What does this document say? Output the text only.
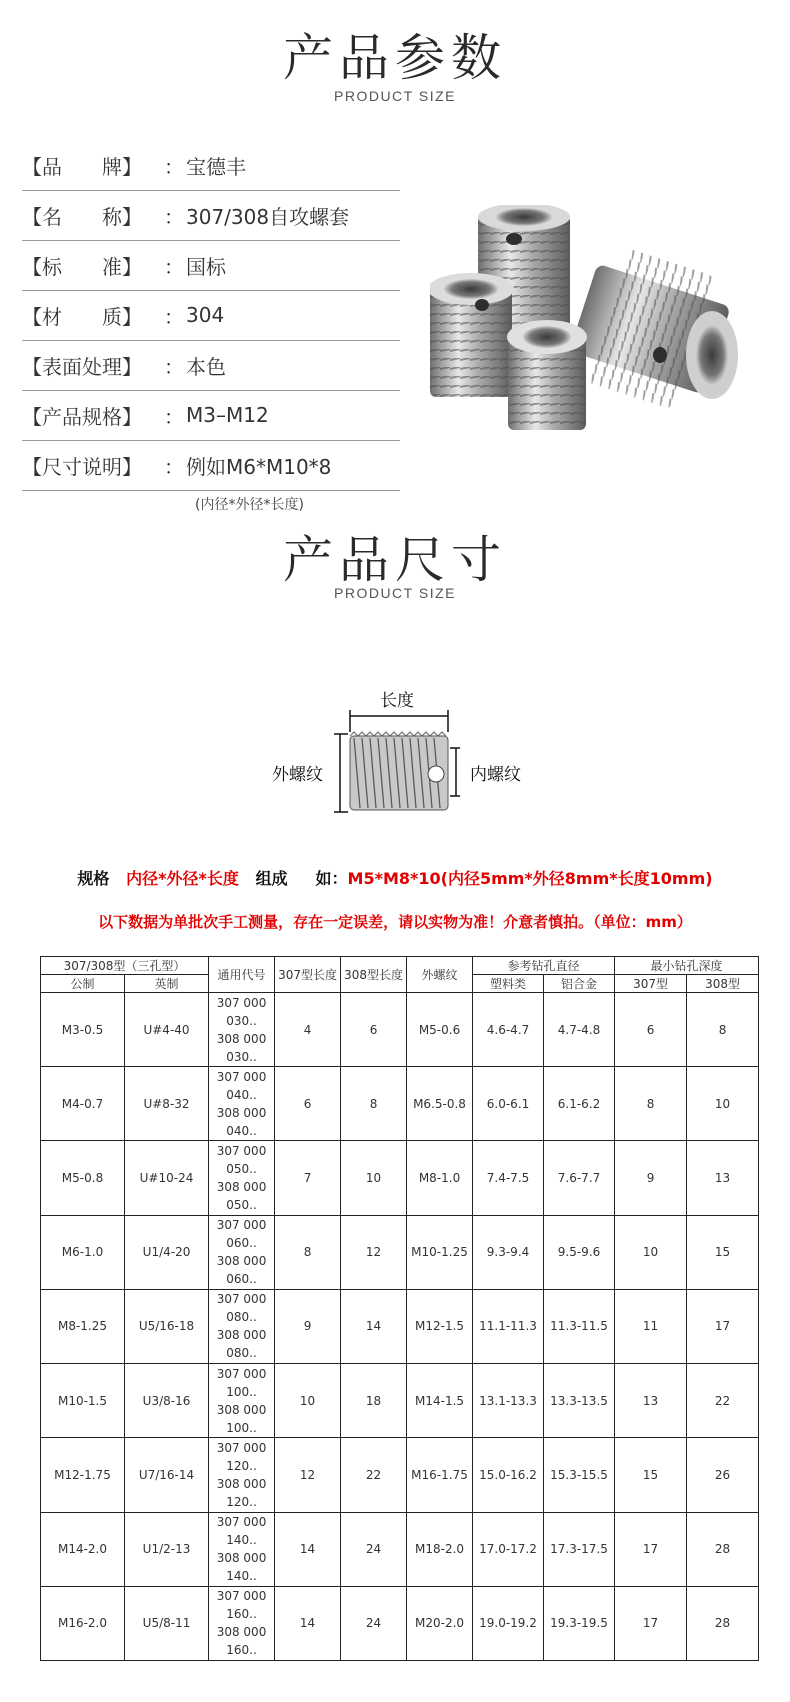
产品参数
PRODUCT SIZE
【品　　牌】	： 宝德丰
【名　　称】	： 307/308自攻螺套
【标　　准】	： 国标
【材　　质】	： 304
【表面处理】	： 本色
【产品规格】	： M3–M12
【尺寸说明】	： 例如M6*M10*8
(内径*外径*长度)
产品尺寸
PRODUCT SIZE
长度
外螺纹	内螺纹
规格 内径*外径*长度 组成 如：M5*M8*10(内径5mm*外径8mm*长度10mm)
以下数据为单批次手工测量，存在一定误差，请以实物为准！介意者慎拍。（单位：mm）
307/308型（三孔型）		通用代号	307型长度	308型长度	外螺纹	参考钻孔直径		最小钻孔深度	
公制	英制					塑料类	铝合金	307型	308型
M3-0.5	U#4-40	307 000
030..
308 000
030..	4	6	M5-0.6	4.6-4.7	4.7-4.8	6	8
M4-0.7	U#8-32	307 000
040..
308 000
040..	6	8	M6.5-0.8	6.0-6.1	6.1-6.2	8	10
M5-0.8	U#10-24	307 000
050..
308 000
050..	7	10	M8-1.0	7.4-7.5	7.6-7.7	9	13
M6-1.0	U1/4-20	307 000
060..
308 000
060..	8	12	M10-1.25	9.3-9.4	9.5-9.6	10	15
M8-1.25	U5/16-18	307 000
080..
308 000
080..	9	14	M12-1.5	11.1-11.3	11.3-11.5	11	17
M10-1.5	U3/8-16	307 000
100..
308 000
100..	10	18	M14-1.5	13.1-13.3	13.3-13.5	13	22
M12-1.75	U7/16-14	307 000
120..
308 000
120..	12	22	M16-1.75	15.0-16.2	15.3-15.5	15	26
M14-2.0	U1/2-13	307 000
140..
308 000
140..	14	24	M18-2.0	17.0-17.2	17.3-17.5	17	28
M16-2.0	U5/8-11	307 000
160..
308 000
160..	14	24	M20-2.0	19.0-19.2	19.3-19.5	17	28
